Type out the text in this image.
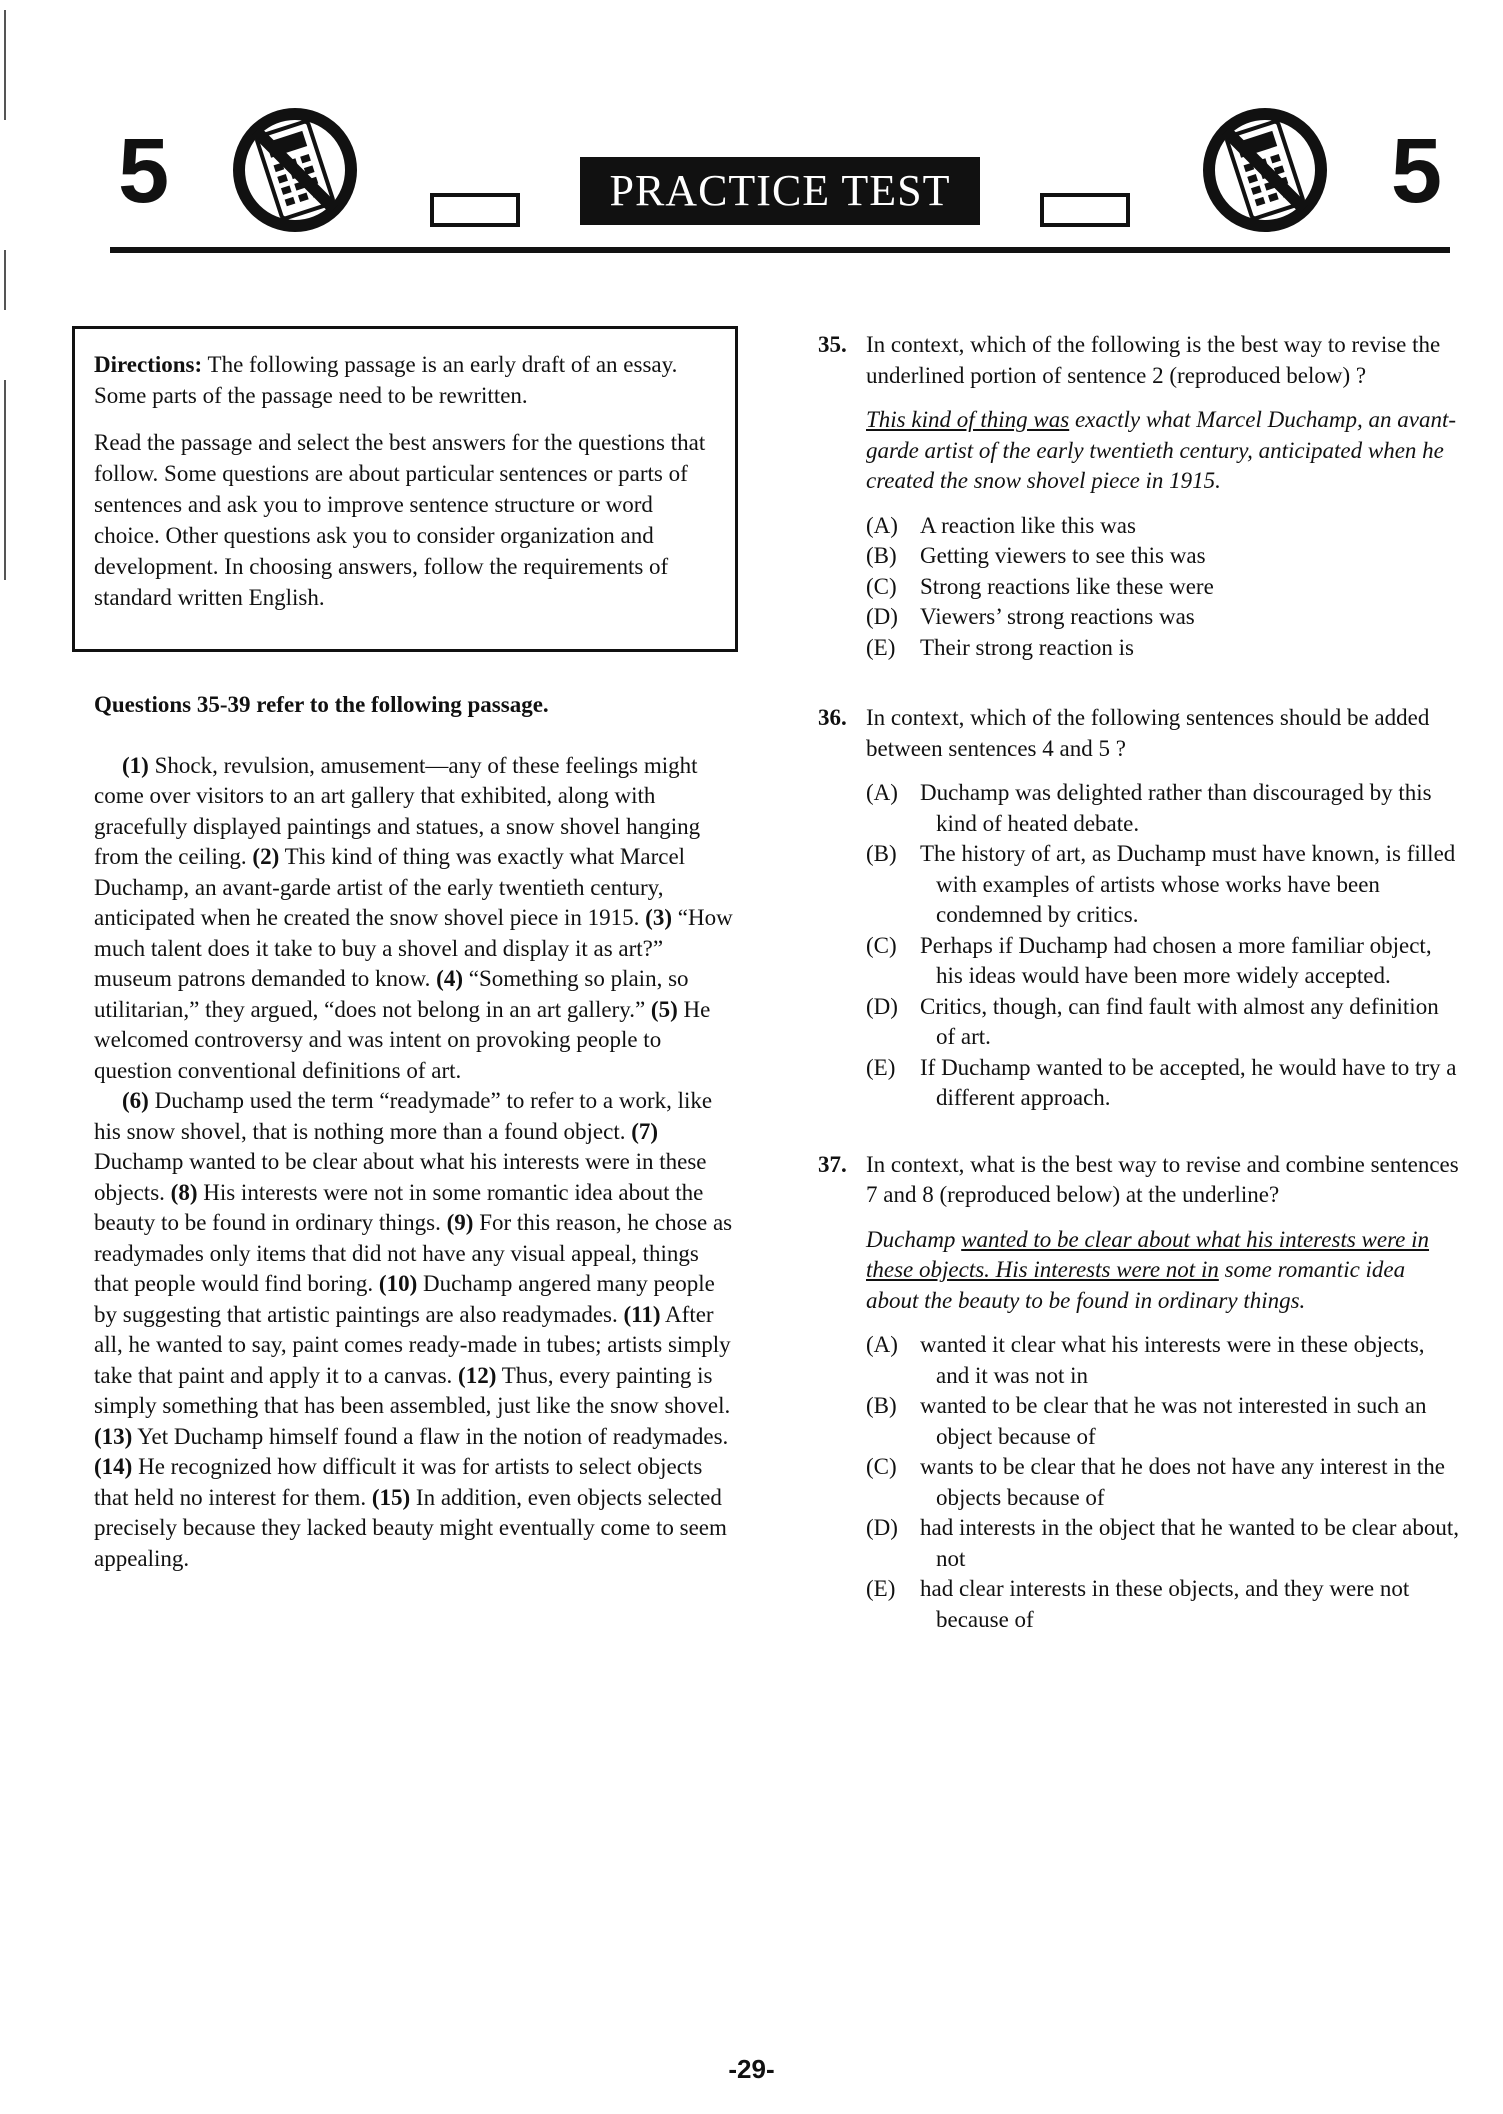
5	PRACTICE TEST	5

Directions: The following passage is an early draft of an essay. Some parts of the passage need to be rewritten.

Read the passage and select the best answers for the questions that follow. Some questions are about particular sentences or parts of sentences and ask you to improve sentence structure or word choice. Other questions ask you to consider organization and development. In choosing answers, follow the requirements of standard written English.

Questions 35-39 refer to the following passage.

(1) Shock, revulsion, amusement—any of these feelings might come over visitors to an art gallery that exhibited, along with gracefully displayed paintings and statues, a snow shovel hanging from the ceiling. (2) This kind of thing was exactly what Marcel Duchamp, an avant-garde artist of the early twentieth century, anticipated when he created the snow shovel piece in 1915. (3) “How much talent does it take to buy a shovel and display it as art?” museum patrons demanded to know. (4) “Something so plain, so utilitarian,” they argued, “does not belong in an art gallery.” (5) He welcomed controversy and was intent on provoking people to question conventional definitions of art.

(6) Duchamp used the term “readymade” to refer to a work, like his snow shovel, that is nothing more than a found object. (7) Duchamp wanted to be clear about what his interests were in these objects. (8) His interests were not in some romantic idea about the beauty to be found in ordinary things. (9) For this reason, he chose as readymades only items that did not have any visual appeal, things that people would find boring. (10) Duchamp angered many people by suggesting that artistic paintings are also readymades. (11) After all, he wanted to say, paint comes ready-made in tubes; artists simply take that paint and apply it to a canvas. (12) Thus, every painting is simply something that has been assembled, just like the snow shovel. (13) Yet Duchamp himself found a flaw in the notion of readymades. (14) He recognized how difficult it was for artists to select objects that held no interest for them. (15) In addition, even objects selected precisely because they lacked beauty might eventually come to seem appealing.

35. In context, which of the following is the best way to revise the underlined portion of sentence 2 (reproduced below) ?
This kind of thing was exactly what Marcel Duchamp, an avant-garde artist of the early twentieth century, anticipated when he created the snow shovel piece in 1915.
(A) A reaction like this was
(B) Getting viewers to see this was
(C) Strong reactions like these were
(D) Viewers’ strong reactions was
(E) Their strong reaction is
36. In context, which of the following sentences should be added between sentences 4 and 5 ?
(A) Duchamp was delighted rather than discouraged by this kind of heated debate.
(B) The history of art, as Duchamp must have known, is filled with examples of artists whose works have been condemned by critics.
(C) Perhaps if Duchamp had chosen a more familiar object, his ideas would have been more widely accepted.
(D) Critics, though, can find fault with almost any definition of art.
(E) If Duchamp wanted to be accepted, he would have to try a different approach.
37. In context, what is the best way to revise and combine sentences 7 and 8 (reproduced below) at the underline?
Duchamp wanted to be clear about what his interests were in these objects. His interests were not in some romantic idea about the beauty to be found in ordinary things.
(A) wanted it clear what his interests were in these objects, and it was not in
(B) wanted to be clear that he was not interested in such an object because of
(C) wants to be clear that he does not have any interest in the objects because of
(D) had interests in the object that he wanted to be clear about, not
(E) had clear interests in these objects, and they were not because of
-29-
